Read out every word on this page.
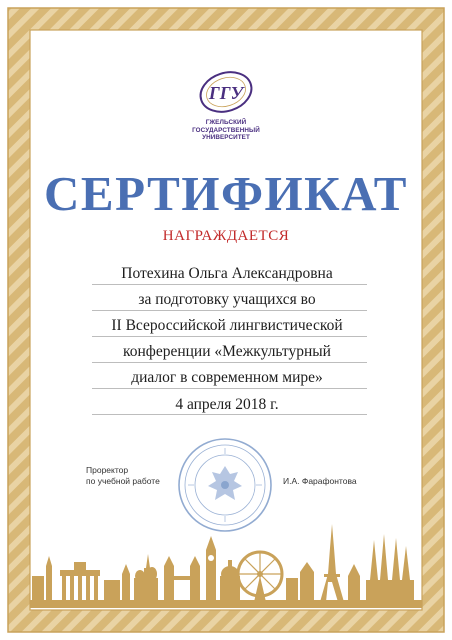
ГГУ
ГЖЕЛЬСКИЙ
ГОСУДАРСТВЕННЫЙ
УНИВЕРСИТЕТ
СЕРТИФИКАТ
НАГРАЖДАЕТСЯ
Потехина Ольга Александровна
за подготовку учащихся во
II Всероссийской лингвистической
конференции «Межкультурный
диалог в современном мире»
4 апреля 2018 г.
Проректор
по учебной работе	И.А. Фарафонтова
